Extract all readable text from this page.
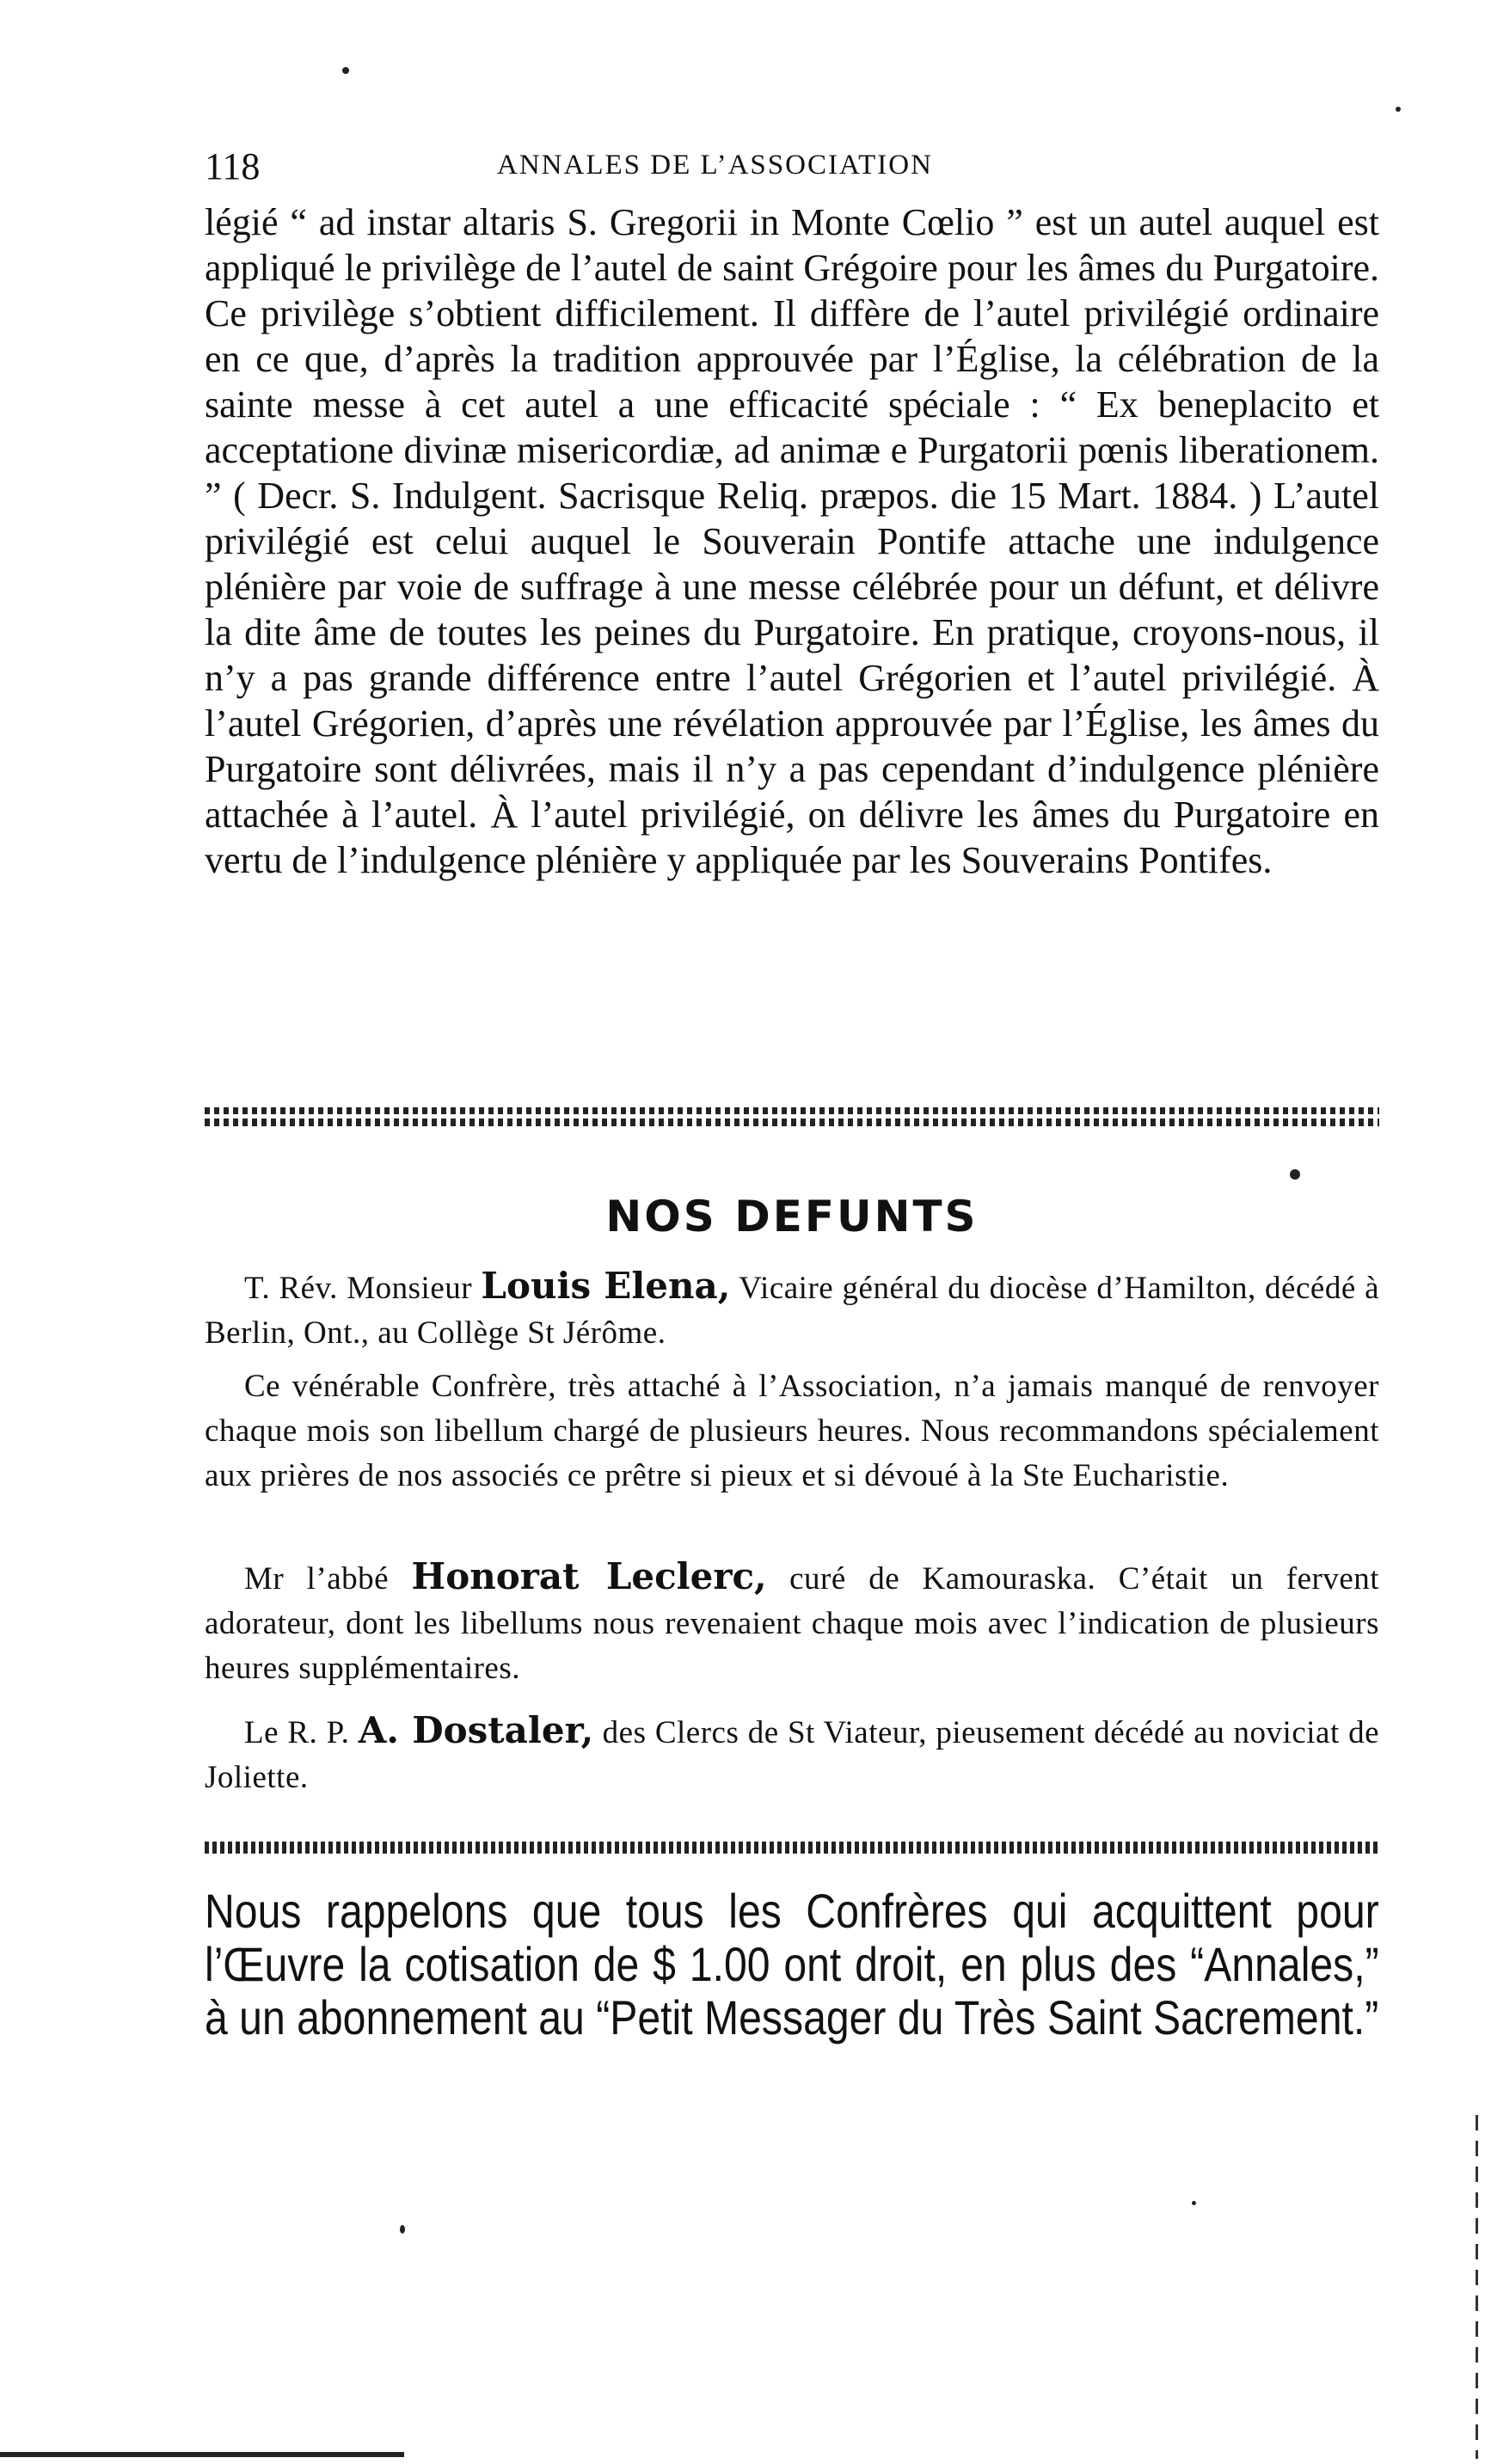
118	ANNALES DE L’ASSOCIATION

légié “ ad instar altaris S. Gregorii in Monte Cœlio ” est un autel auquel est appliqué le privilège de l’autel de saint Grégoire pour les âmes du Purgatoire. Ce privilège s’obtient difficilement. Il diffère de l’autel privilégié ordinaire en ce que, d’après la tradition approuvée par l’Église, la célébration de la sainte messe à cet autel a une efficacité spéciale : “ Ex beneplacito et acceptatione divinæ misericordiæ, ad animæ e Purgatorii pœnis liberationem. ” ( Decr. S. Indulgent. Sacrisque Reliq. præpos. die 15 Mart. 1884. ) L’autel privilégié est celui auquel le Souverain Pontife attache une indulgence plénière par voie de suffrage à une messe célébrée pour un défunt, et délivre la dite âme de toutes les peines du Purgatoire. En pratique, croyons-nous, il n’y a pas grande différence entre l’autel Grégorien et l’autel privilégié. À l’autel Grégorien, d’après une révélation approuvée par l’Église, les âmes du Purgatoire sont délivrées, mais il n’y a pas cependant d’indulgence plénière attachée à l’autel. À l’autel privilégié, on délivre les âmes du Purgatoire en vertu de l’indulgence plénière y appliquée par les Souverains Pontifes.

NOS DEFUNTS

T. Rév. Monsieur Louis Elena, Vicaire général du diocèse d’Hamilton, décédé à Berlin, Ont., au Collège St Jérôme.

Ce vénérable Confrère, très attaché à l’Association, n’a jamais manqué de renvoyer chaque mois son libellum chargé de plusieurs heures. Nous recommandons spécialement aux prières de nos associés ce prêtre si pieux et si dévoué à la Ste Eucharistie.

Mr l’abbé Honorat Leclerc, curé de Kamouraska. C’était un fervent adorateur, dont les libellums nous revenaient chaque mois avec l’indication de plusieurs heures supplémentaires.

Le R. P. A. Dostaler, des Clercs de St Viateur, pieusement décédé au noviciat de Joliette.

Nous rappelons que tous les Confrères qui acquittent pour l’Œuvre la cotisation de $ 1.00 ont droit, en plus des “Annales,” à un abonnement au “Petit Messager du Très Saint Sacrement.”
